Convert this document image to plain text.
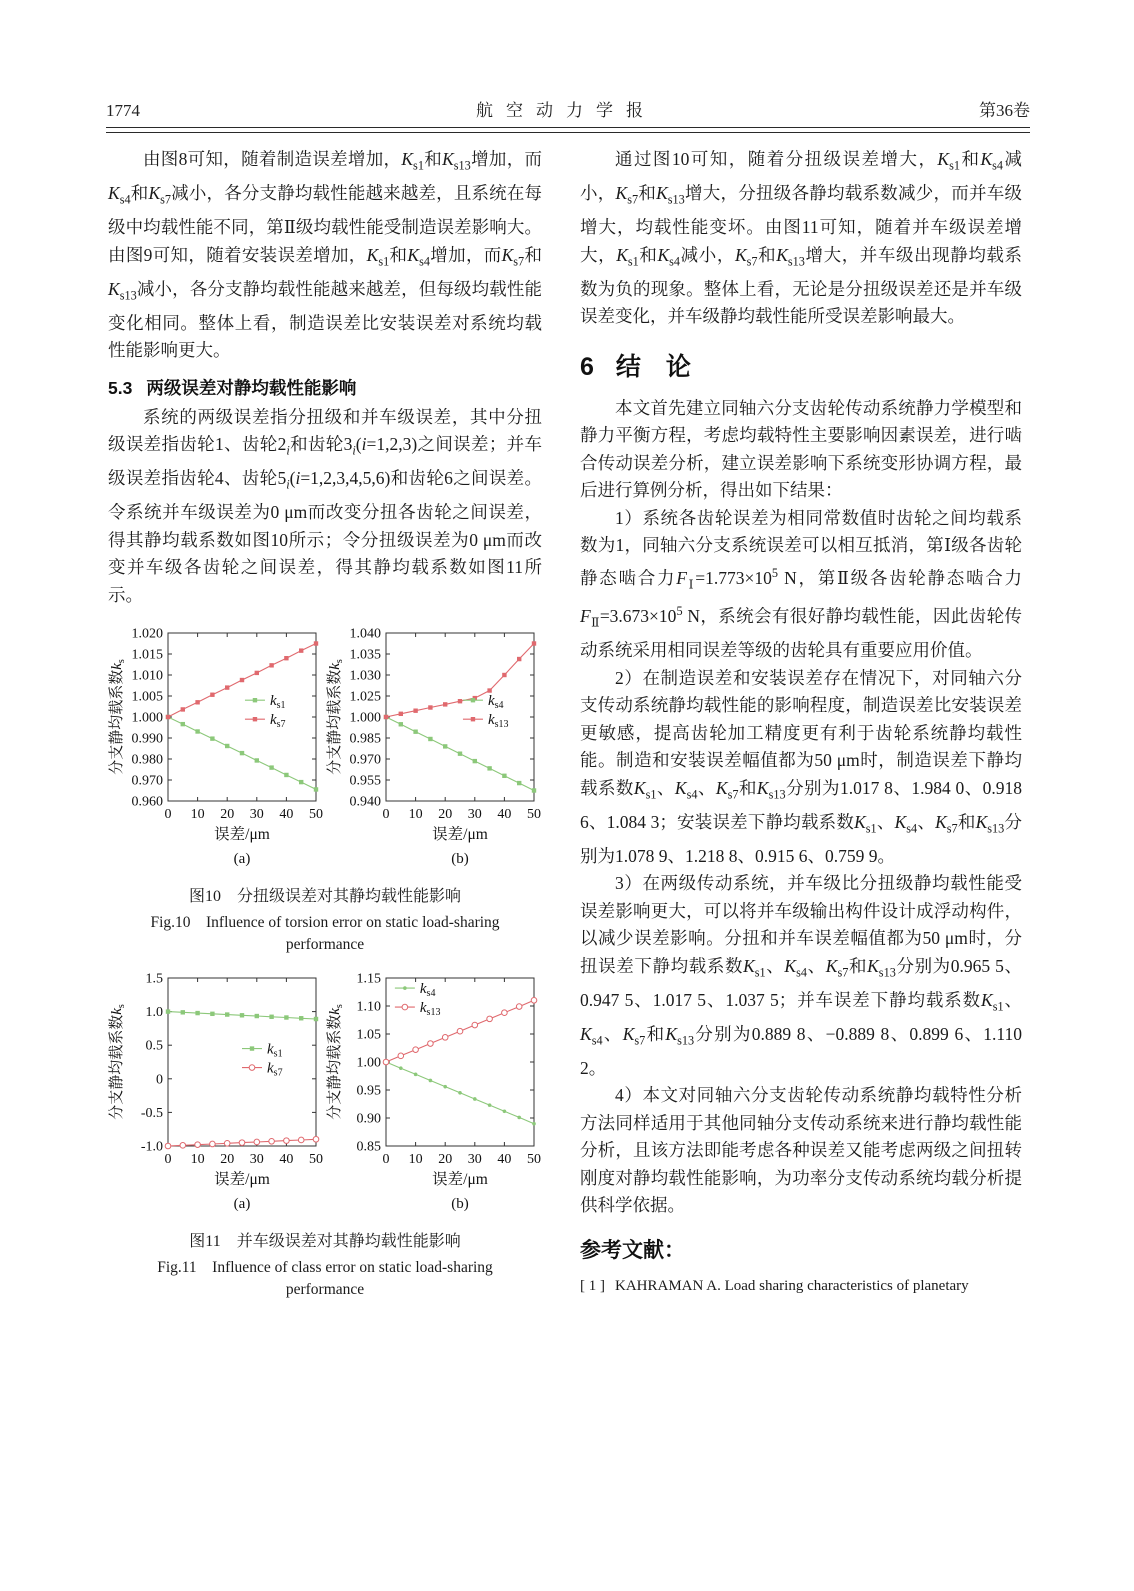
1774	航空动力学报	第36卷

由图8可知，随着制造误差增加，$K_{s1}$和$K_{s13}$增加，而$K_{s4}$和$K_{s7}$减小，各分支静均载性能越来越差，且系统在每级中均载性能不同，第Ⅱ级均载性能受制造误差影响大。由图9可知，随着安装误差增加，$K_{s1}$和$K_{s4}$增加，而$K_{s7}$和$K_{s13}$减小，各分支静均载性能越来越差，但每级均载性能变化相同。整体上看，制造误差比安装误差对系统均载性能影响更大。

5.3 两级误差对静均载性能影响

系统的两级误差指分扭级和并车级误差，其中分扭级误差指齿轮1、齿轮$2_i$和齿轮$3_i(i=1,2,3)$之间误差；并车级误差指齿轮4、齿轮$5_i(i=1,2,3,4,5,6)$和齿轮6之间误差。令系统并车级误差为0 μm而改变分扭各齿轮之间误差，得其静均载系数如图10所示；令分扭级误差为0 μm而改变并车级各齿轮之间误差，得其静均载系数如图11所示。

0.960
0.970
0.980
0.990
1.000
1.005
1.010
1.015
1.020
0 10 20 30 40 50
$k_{s1}$
$k_{s7}$
分支静均载系数$k_s$
误差/μm
(a)
0.940
0.955
0.970
0.985
1.000
1.025
1.030
1.035
1.040
0 10 20 30 40 50
$k_{s4}$
$k_{s13}$
分支静均载系数$k_s$
误差/μm
(b)
图10　分扭级误差对其静均载性能影响
Fig.10　Influence of torsion error on static load-sharing
performance
-1.0
-0.5
0
0.5
1.0
1.5
0 10 20 30 40 50
$k_{s1}$
$k_{s7}$
分支静均载系数$k_s$
误差/μm
(a)
0.85
0.90
0.95
1.00
1.05
1.10
1.15
0 10 20 30 40 50
$k_{s4}$
$k_{s13}$
分支静均载系数$k_s$
误差/μm
(b)
图11　并车级误差对其静均载性能影响
Fig.11　Influence of class error on static load-sharing
performance

通过图10可知，随着分扭级误差增大，$K_{s1}$和$K_{s4}$减小，$K_{s7}$和$K_{s13}$增大，分扭级各静均载系数减少，而并车级增大，均载性能变坏。由图11可知，随着并车级误差增大，$K_{s1}$和$K_{s4}$减小，$K_{s7}$和$K_{s13}$增大，并车级出现静均载系数为负的现象。整体上看，无论是分扭级误差还是并车级误差变化，并车级静均载性能所受误差影响最大。

6 结　论

本文首先建立同轴六分支齿轮传动系统静力学模型和静力平衡方程，考虑均载特性主要影响因素误差，进行啮合传动误差分析，建立误差影响下系统变形协调方程，最后进行算例分析，得出如下结果：

1）系统各齿轮误差为相同常数值时齿轮之间均载系数为1，同轴六分支系统误差可以相互抵消，第Ⅰ级各齿轮静态啮合力$F_Ⅰ=1.773\times 10^5$ N，第Ⅱ级各齿轮静态啮合力$F_Ⅱ=3.673\times 10^5$ N，系统会有很好静均载性能，因此齿轮传动系统采用相同误差等级的齿轮具有重要应用价值。

2）在制造误差和安装误差存在情况下，对同轴六分支传动系统静均载性能的影响程度，制造误差比安装误差更敏感，提高齿轮加工精度更有利于齿轮系统静均载性能。制造和安装误差幅值都为50 μm时，制造误差下静均载系数$K_{s1}$、$K_{s4}$、$K_{s7}$和$K_{s13}$分别为1.017 8、1.984 0、0.918 6、1.084 3；安装误差下静均载系数$K_{s1}$、$K_{s4}$、$K_{s7}$和$K_{s13}$分别为1.078 9、1.218 8、0.915 6、0.759 9。

3）在两级传动系统，并车级比分扭级静均载性能受误差影响更大，可以将并车级输出构件设计成浮动构件，以减少误差影响。分扭和并车误差幅值都为50 μm时，分扭误差下静均载系数$K_{s1}$、$K_{s4}$、$K_{s7}$和$K_{s13}$分别为0.965 5、0.947 5、1.017 5、1.037 5；并车误差下静均载系数$K_{s1}$、$K_{s4}$、$K_{s7}$和$K_{s13}$分别为0.889 8、−0.889 8、0.899 6、1.110 2。

4）本文对同轴六分支齿轮传动系统静均载特性分析方法同样适用于其他同轴分支传动系统来进行静均载性能分析，且该方法即能考虑各种误差又能考虑两级之间扭转刚度对静均载性能影响，为功率分支传动系统均载分析提供科学依据。

参考文献：

[ 1 ] KAHRAMAN A. Load sharing characteristics of planetary
